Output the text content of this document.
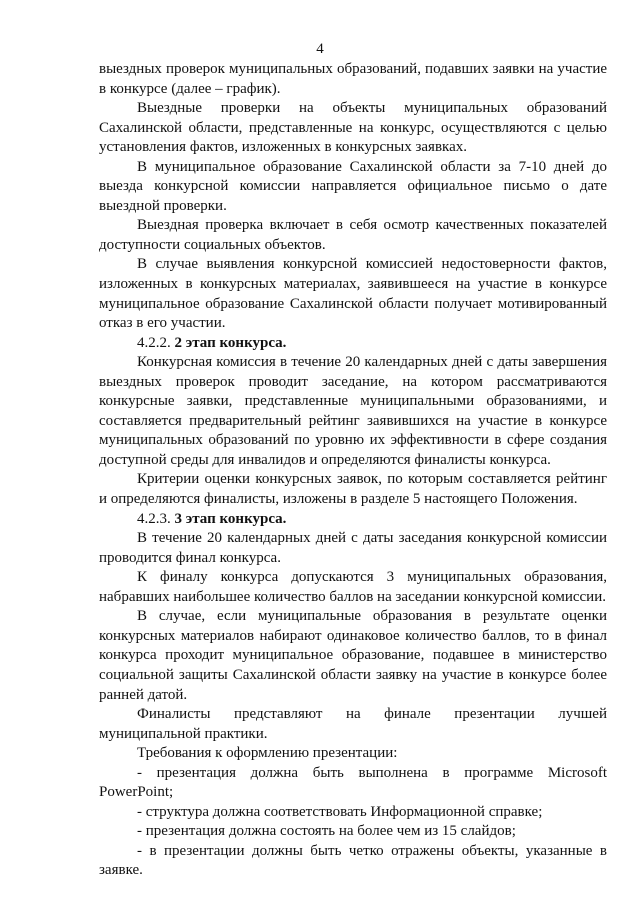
4

выездных проверок муниципальных образований, подавших заявки на участие в конкурсе (далее – график).

Выездные проверки на объекты муниципальных образований Сахалинской области, представленные на конкурс, осуществляются с целью установления фактов, изложенных в конкурсных заявках.

В муниципальное образование Сахалинской области за 7-10 дней до выезда конкурсной комиссии направляется официальное письмо о дате выездной проверки.

Выездная проверка включает в себя осмотр качественных показателей доступности социальных объектов.

В случае выявления конкурсной комиссией недостоверности фактов, изложенных в конкурсных материалах, заявившееся на участие в конкурсе муниципальное образование Сахалинской области получает мотивированный отказ в его участии.

4.2.2. 2 этап конкурса.

Конкурсная комиссия в течение 20 календарных дней с даты завершения выездных проверок проводит заседание, на котором рассматриваются конкурсные заявки, представленные муниципальными образованиями, и составляется предварительный рейтинг заявившихся на участие в конкурсе муниципальных образований по уровню их эффективности в сфере создания доступной среды для инвалидов и определяются финалисты конкурса.

Критерии оценки конкурсных заявок, по которым составляется рейтинг и определяются финалисты, изложены в разделе 5 настоящего Положения.

4.2.3. 3 этап конкурса.

В течение 20 календарных дней с даты заседания конкурсной комиссии проводится финал конкурса.

К финалу конкурса допускаются 3 муниципальных образования, набравших наибольшее количество баллов на заседании конкурсной комиссии.

В случае, если муниципальные образования в результате оценки конкурсных материалов набирают одинаковое количество баллов, то в финал конкурса проходит муниципальное образование, подавшее в министерство социальной защиты Сахалинской области заявку на участие в конкурсе более ранней датой.

Финалисты представляют на финале презентации лучшей муниципальной практики.

Требования к оформлению презентации:

- презентация должна быть выполнена в программе Microsoft PowerPoint;

- структура должна соответствовать Информационной справке;

- презентация должна состоять на более чем из 15 слайдов;

- в презентации должны быть четко отражены объекты, указанные в заявке.
